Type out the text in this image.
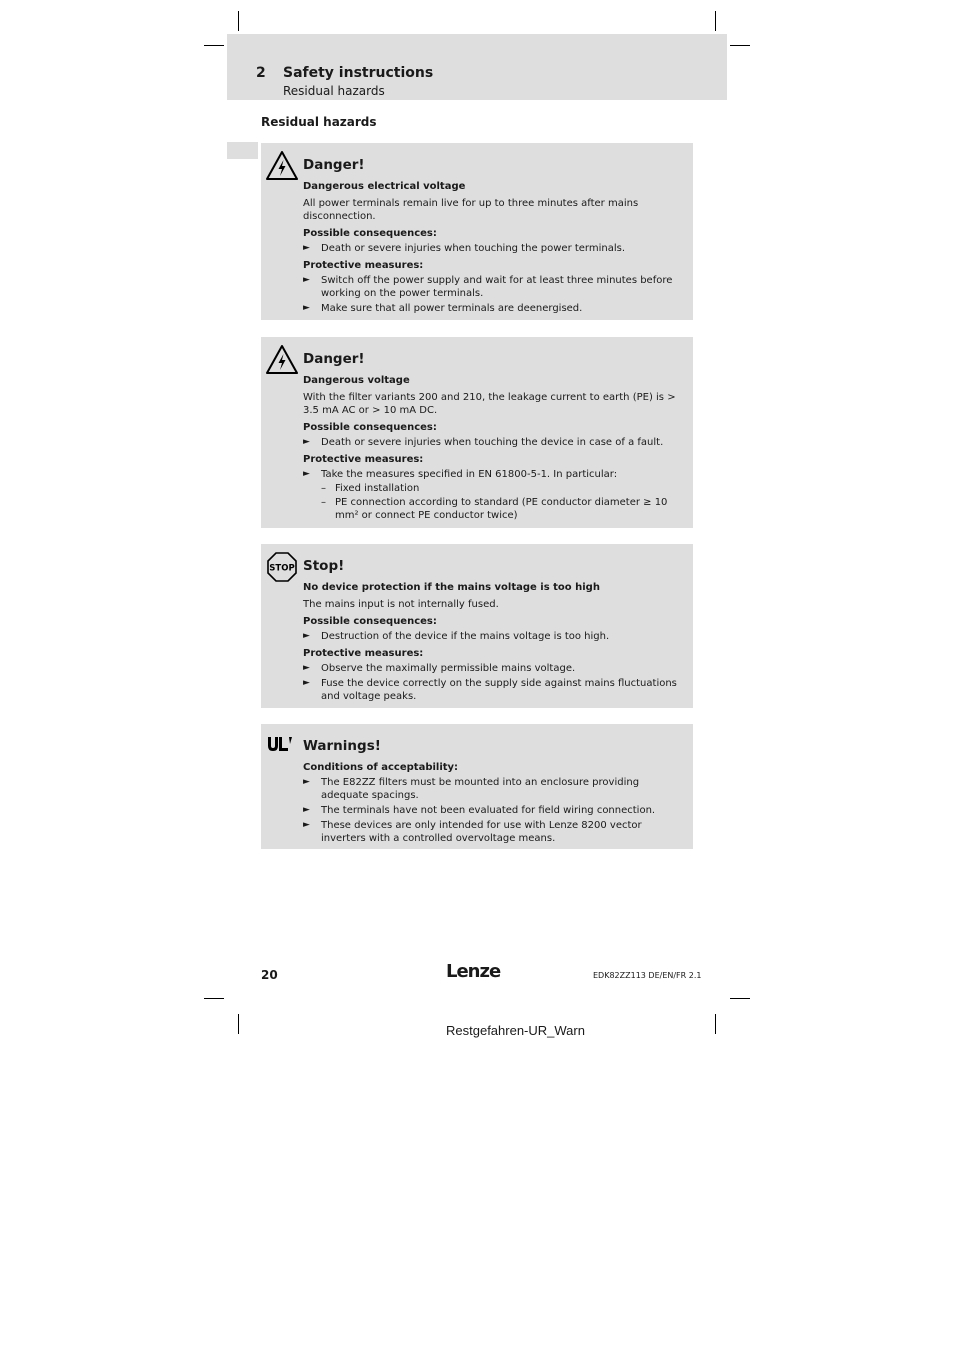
2 Safety instructions
Residual hazards
Residual hazards
Danger!
Dangerous electrical voltage

All power terminals remain live for up to three minutes after mains disconnection.

Possible consequences:
► Death or severe injuries when touching the power terminals.
Protective measures:
► Switch off the power supply and wait for at least three minutes before working on the power terminals.
► Make sure that all power terminals are deenergised.
Danger!
Dangerous voltage

With the filter variants 200 and 210, the leakage current to earth (PE) is > 3.5 mA AC or > 10 mA DC.

Possible consequences:
► Death or severe injuries when touching the device in case of a fault.
Protective measures:
► Take the measures specified in EN 61800-5-1. In particular:
– Fixed installation
– PE connection according to standard (PE conductor diameter ≥ 10 mm² or connect PE conductor twice)
STOP Stop!
No device protection if the mains voltage is too high

The mains input is not internally fused.

Possible consequences:
► Destruction of the device if the mains voltage is too high.
Protective measures:
► Observe the maximally permissible mains voltage.
► Fuse the device correctly on the supply side against mains fluctuations and voltage peaks.
Warnings!
Conditions of acceptability:
► The E82ZZ filters must be mounted into an enclosure providing adequate spacings.
► The terminals have not been evaluated for field wiring connection.
► These devices are only intended for use with Lenze 8200 vector inverters with a controlled overvoltage means.
20	Lenze	EDK82ZZ113 DE/EN/FR 2.1
Restgefahren-UR_Warn
